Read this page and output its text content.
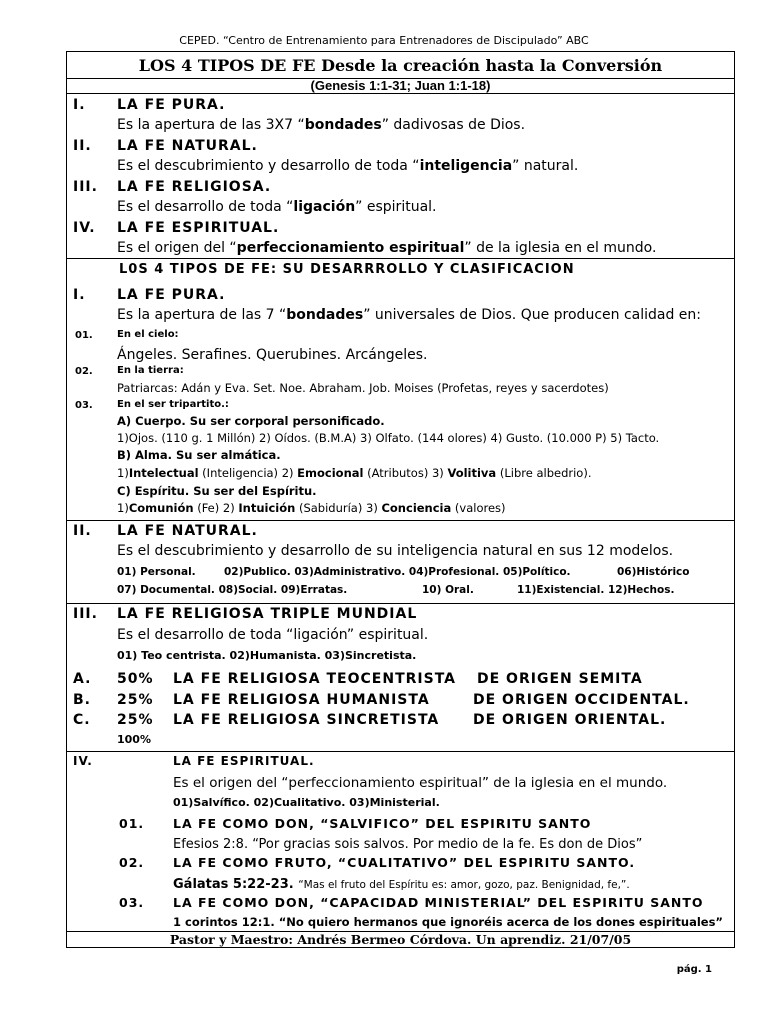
CEPED. “Centro de Entrenamiento para Entrenadores de Discipulado” ABC
LOS 4 TIPOS DE FE Desde la creación hasta la Conversión
(Genesis 1:1-31; Juan 1:1-18)
I. LA FE PURA.
Es la apertura de las 3X7 “bondades” dadivosas de Dios.
II. LA FE NATURAL.
Es el descubrimiento y desarrollo de toda “inteligencia” natural.
III. LA FE RELIGIOSA.
Es el desarrollo de toda “ligación” espiritual.
IV. LA FE ESPIRITUAL.
Es el origen del “perfeccionamiento espiritual” de la iglesia en el mundo.
L0S 4 TIPOS DE FE: SU DESARRROLLO Y CLASIFICACION
I. LA FE PURA.
Es la apertura de las 7 “bondades” universales de Dios. Que producen calidad en:
01. En el cielo:
Ángeles. Serafines. Querubines. Arcángeles.
02. En la tierra:
Patriarcas: Adán y Eva. Set. Noe. Abraham. Job. Moises (Profetas, reyes y sacerdotes)
03. En el ser tripartito.:
A) Cuerpo. Su ser corporal personificado.
1)Ojos. (110 g. 1 Millón) 2) Oídos. (B.M.A) 3) Olfato. (144 olores) 4) Gusto. (10.000 P) 5) Tacto.
B) Alma. Su ser almática.
1)Intelectual (Inteligencia) 2) Emocional (Atributos) 3) Volitiva (Libre albedrio).
C) Espíritu. Su ser del Espíritu.
1)Comunión (Fe) 2) Intuición (Sabiduría) 3) Conciencia (valores)
II. LA FE NATURAL.
Es el descubrimiento y desarrollo de su inteligencia natural en sus 12 modelos.
01) Personal.	02)Publico. 03)Administrativo. 04)Profesional. 05)Político.	06)Histórico
07) Documental. 08)Social. 09)Erratas.	10) Oral.	11)Existencial. 12)Hechos.
III. LA FE RELIGIOSA TRIPLE MUNDIAL
Es el desarrollo de toda “ligación” espiritual.
01) Teo centrista. 02)Humanista. 03)Sincretista.
A. 50% LA FE RELIGIOSA TEOCENTRISTA DE ORIGEN SEMITA
B. 25% LA FE RELIGIOSA HUMANISTA	DE ORIGEN OCCIDENTAL.
C. 25% LA FE RELIGIOSA SINCRETISTA DE ORIGEN ORIENTAL.
100%
IV.	LA FE ESPIRITUAL.
Es el origen del “perfeccionamiento espiritual” de la iglesia en el mundo.
01)Salvífico. 02)Cualitativo. 03)Ministerial.
01. LA FE COMO DON, “SALVIFICO” DEL ESPIRITU SANTO
Efesios 2:8. “Por gracias sois salvos. Por medio de la fe. Es don de Dios”
02. LA FE COMO FRUTO, “CUALITATIVO” DEL ESPIRITU SANTO.
Gálatas 5:22-23. “Mas el fruto del Espíritu es: amor, gozo, paz. Benignidad, fe,”.
03. LA FE COMO DON, “CAPACIDAD MINISTERIAL” DEL ESPIRITU SANTO
1 corintos 12:1. “No quiero hermanos que ignoréis acerca de los dones espirituales”
Pastor y Maestro: Andrés Bermeo Córdova. Un aprendiz. 21/07/05
pág. 1
